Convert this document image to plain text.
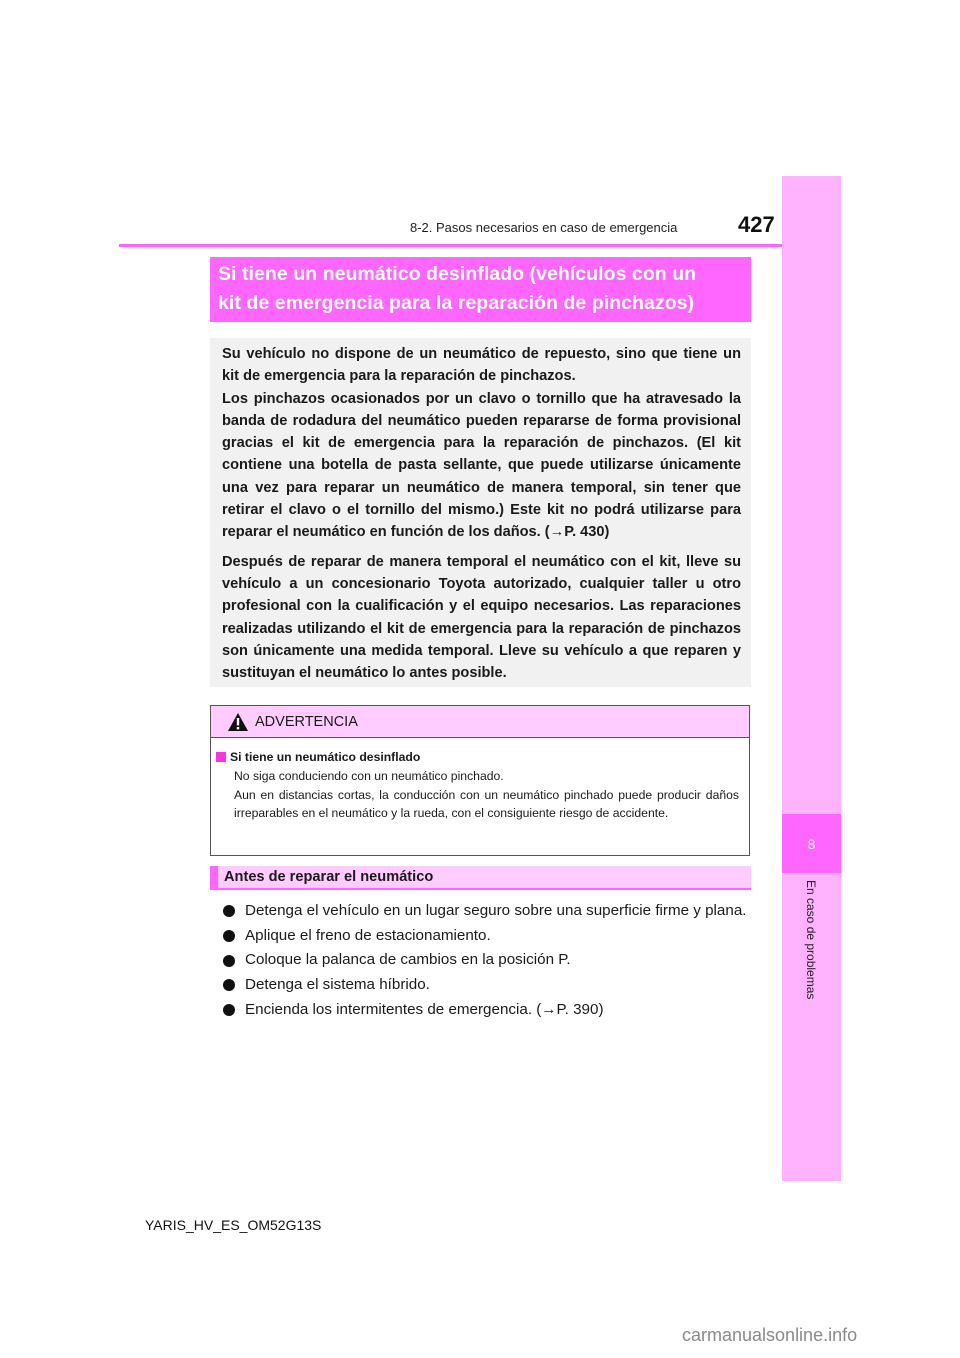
8-2. Pasos necesarios en caso de emergencia	427
8
En caso de problemas
Si tiene un neumático desinflado (vehículos con un
kit de emergencia para la reparación de pinchazos)

Su vehículo no dispone de un neumático de repuesto, sino que tiene un kit de emergencia para la reparación de pinchazos.

Los pinchazos ocasionados por un clavo o tornillo que ha atravesado la banda de rodadura del neumático pueden repararse de forma provisional gracias el kit de emergencia para la reparación de pinchazos. (El kit contiene una botella de pasta sellante, que puede utilizarse únicamente una vez para reparar un neumático de manera temporal, sin tener que retirar el clavo o el tornillo del mismo.) Este kit no podrá utilizarse para reparar el neumático en función de los daños. (→P. 430)

Después de reparar de manera temporal el neumático con el kit, lleve su vehículo a un concesionario Toyota autorizado, cualquier taller u otro profesional con la cualificación y el equipo necesarios. Las reparaciones realizadas utilizando el kit de emergencia para la reparación de pinchazos son únicamente una medida temporal. Lleve su vehículo a que reparen y sustituyan el neumático lo antes posible.

ADVERTENCIA
Si tiene un neumático desinflado

No siga conduciendo con un neumático pinchado.

Aun en distancias cortas, la conducción con un neumático pinchado puede producir daños irreparables en el neumático y la rueda, con el consiguiente riesgo de accidente.

Antes de reparar el neumático
Detenga el vehículo en un lugar seguro sobre una superficie firme y plana.
Aplique el freno de estacionamiento.
Coloque la palanca de cambios en la posición P.
Detenga el sistema híbrido.
Encienda los intermitentes de emergencia. (→P. 390)
YARIS_HV_ES_OM52G13S
carmanualsonline.info
